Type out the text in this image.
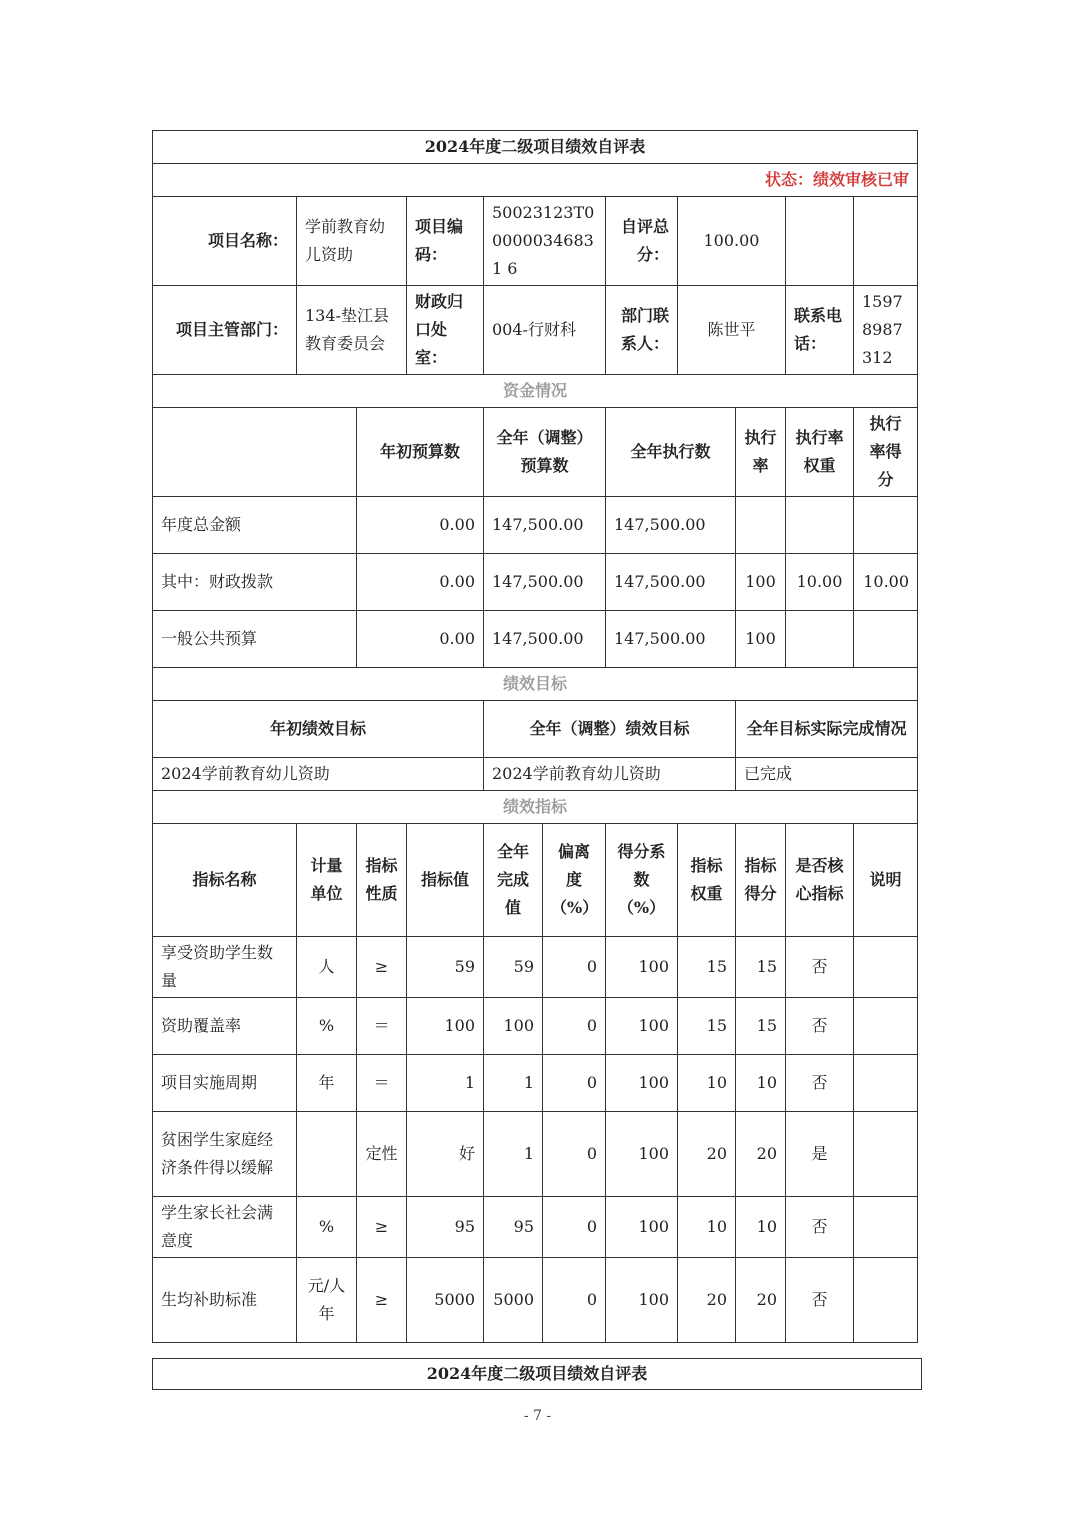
2024年度二级项目绩效自评表										
状态：绩效审核已审										
项目名称：	学前教育幼儿资助		项目编码：	50023123T000000346831 6		自评总分：	100.00			
项目主管部门：	134-垫江县教育委员会		财政归口处室：	004-行财科		部门联系人：	陈世平		联系电话：	15978987312
资金情况										
		年初预算数		全年（调整）预算数		全年执行数		执行率	执行率权重	执行率得分
年度总金额		0.00		147,500.00		147,500.00				
其中：财政拨款		0.00		147,500.00		147,500.00		100	10.00	10.00
一般公共预算		0.00		147,500.00		147,500.00		100		
绩效目标										
年初绩效目标				全年（调整）绩效目标				全年目标实际完成情况		
2024学前教育幼儿资助				2024学前教育幼儿资助				已完成		
绩效指标										
指标名称	计量单位	指标性质	指标值	全年完成值	偏离度（%）	得分系数（%）	指标权重	指标得分	是否核心指标	说明
享受资助学生数量	人	≥	59	59	0	100	15	15	否	
资助覆盖率	%	＝	100	100	0	100	15	15	否	
项目实施周期	年	＝	1	1	0	100	10	10	否	
贫困学生家庭经济条件得以缓解		定性	好	1	0	100	20	20	是	
学生家长社会满意度	%	≥	95	95	0	100	10	10	否	
生均补助标准	元/人年	≥	5000	5000	0	100	20	20	否	
2024年度二级项目绩效自评表
- 7 -
